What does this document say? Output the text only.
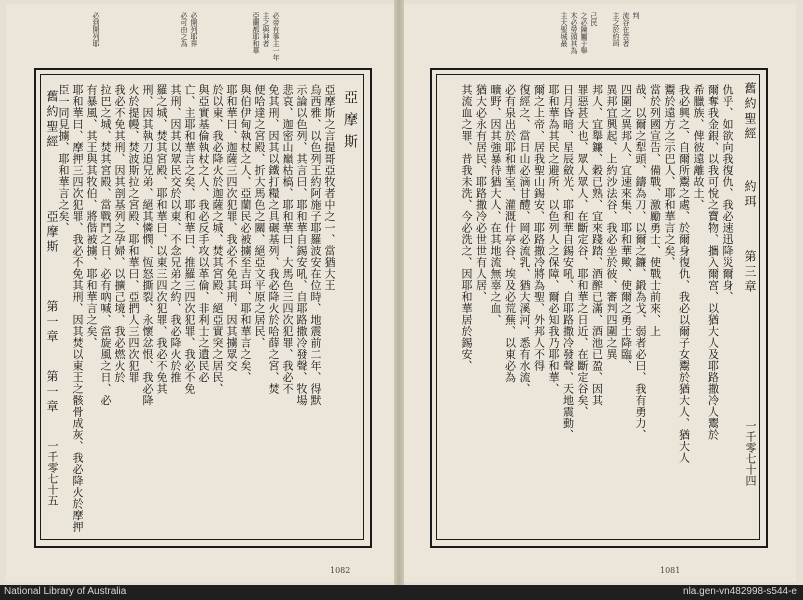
必到開列耶	必可由之為 必開列耶界	亞蘭都耶和華 主之與神者 必帝有事主一年
舊約聖經
亞摩斯
第一章
第一章
一千零七十五
亞摩斯之言提哥亞牧者中之一、當猶大王
烏西雅、以色列王約阿施子耶羅波安在位時、地震前二年、得默
示論以色列、其言曰、耶和華自錫安吼、自耶路撒冷發聲、牧場
悲哀、迦密山巔枯槁、耶和華曰、大馬色三四次犯罪、我必不
免其刑、因其以鐵打糧之具碾基列、我必降火於哈薛之宮、焚
便哈達之宮殿、折大馬色之關、絕亞文平原之居民、
與伯伊甸執杖之人、亞蘭民必被擄至吉珥、耶和華言之矣、
耶和華曰、迦薩三四次犯罪、我必不免其刑、因其擄眾交
於以東、我必降火於迦薩之城、焚其宮殿、絕亞實突之居民、
與亞實基倫執杖之人、我必反手攻以革倫、非利士之遺民必
亡、主耶和華言之矣、耶和華曰、推羅三四次犯罪、我必不免
其刑、因其以眾民交於以東、不念兄弟之約、我必降火於推
羅之城、焚其宮殿、耶和華曰、以東三四次犯罪、我必不免其
刑、因其執刀追兄弟、絕其憐憫、恆怒撕裂、永懷忿恨、我必降
火於提幔、焚波斯拉之宮殿、耶和華曰、亞捫人三四次犯罪
我必不免其刑、因其剖基列之孕婦、以擴己境、我必燃火於
拉巴之城、焚其宮殿、當戰鬥之日、必有吶喊、當旋風之日、必
有暴風、其王與其牧伯、將偕被擄、耶和華言之矣、
耶和華曰、摩押三四次犯罪、我必不免其刑、因其焚以東王之骸骨成灰、我必降火於摩押
臣一同見擄、耶和華言之矣、	亞摩斯
主之於約珥 流谷在苦者 判
主大聖城最 木必勞頭其為 之必陳屬于舉 己民
仇乎、如欲向我復仇、我必速迅降災爾身、
爾奪我金銀、以我可悅之寶物、攜入爾宮、以猶大人及耶路撒冷人鬻於
希臘族、俾彼遠離故土、
我必興之、自爾所鬻之處、於爾身復仇、我必以爾子女鬻於猶大人、猶大人
鬻於遠方之示巴人、耶和華言之矣、
當於列國宣告、備戰、激勵勇士、使戰士前來、上
哉、以爾之犁頭、鑄為刀、以爾之鐮、鍛為戈、弱者必曰、我有勇力、
四圍之異邦人、宜速來集、耶和華歟、使爾之勇士降臨、
異邦宜興起、上約沙法谷、我必坐於彼、審判四圍之異
邦人、宜舉鐮、穀已熟、宜來踐踏、酒醡已滿、酒池已盈、因其
罪惡甚大也、眾人眾人、在斷定谷、耶和華之日近、在斷定谷矣、
日月昏暗、星辰斂光、耶和華自錫安吼、自耶路撒冷發聲、天地震動、
耶和華為其民之避所、以色列人之保障、爾必知我乃耶和華、
爾之上帝、居我聖山錫安、耶路撒冷將為聖、外邦人不得
復經之、當日山必滴甘醴、岡必流乳、猶大溪河、悉有水流、
必有泉出於耶和華室、灌溉什亭谷、埃及必荒蕪、以東必為
曠野、因其強暴待猶大人、在其地流無辜之血、
猶大必永有居民、耶路撒冷必世世有人居、
其流血之罪、昔我未洗、今必洗之、因耶和華居於錫安、	舊約聖經
約珥
第三章
一千零七十四
1082	1081
National Library of Australia	nla.gen-vn482998-s544-e
